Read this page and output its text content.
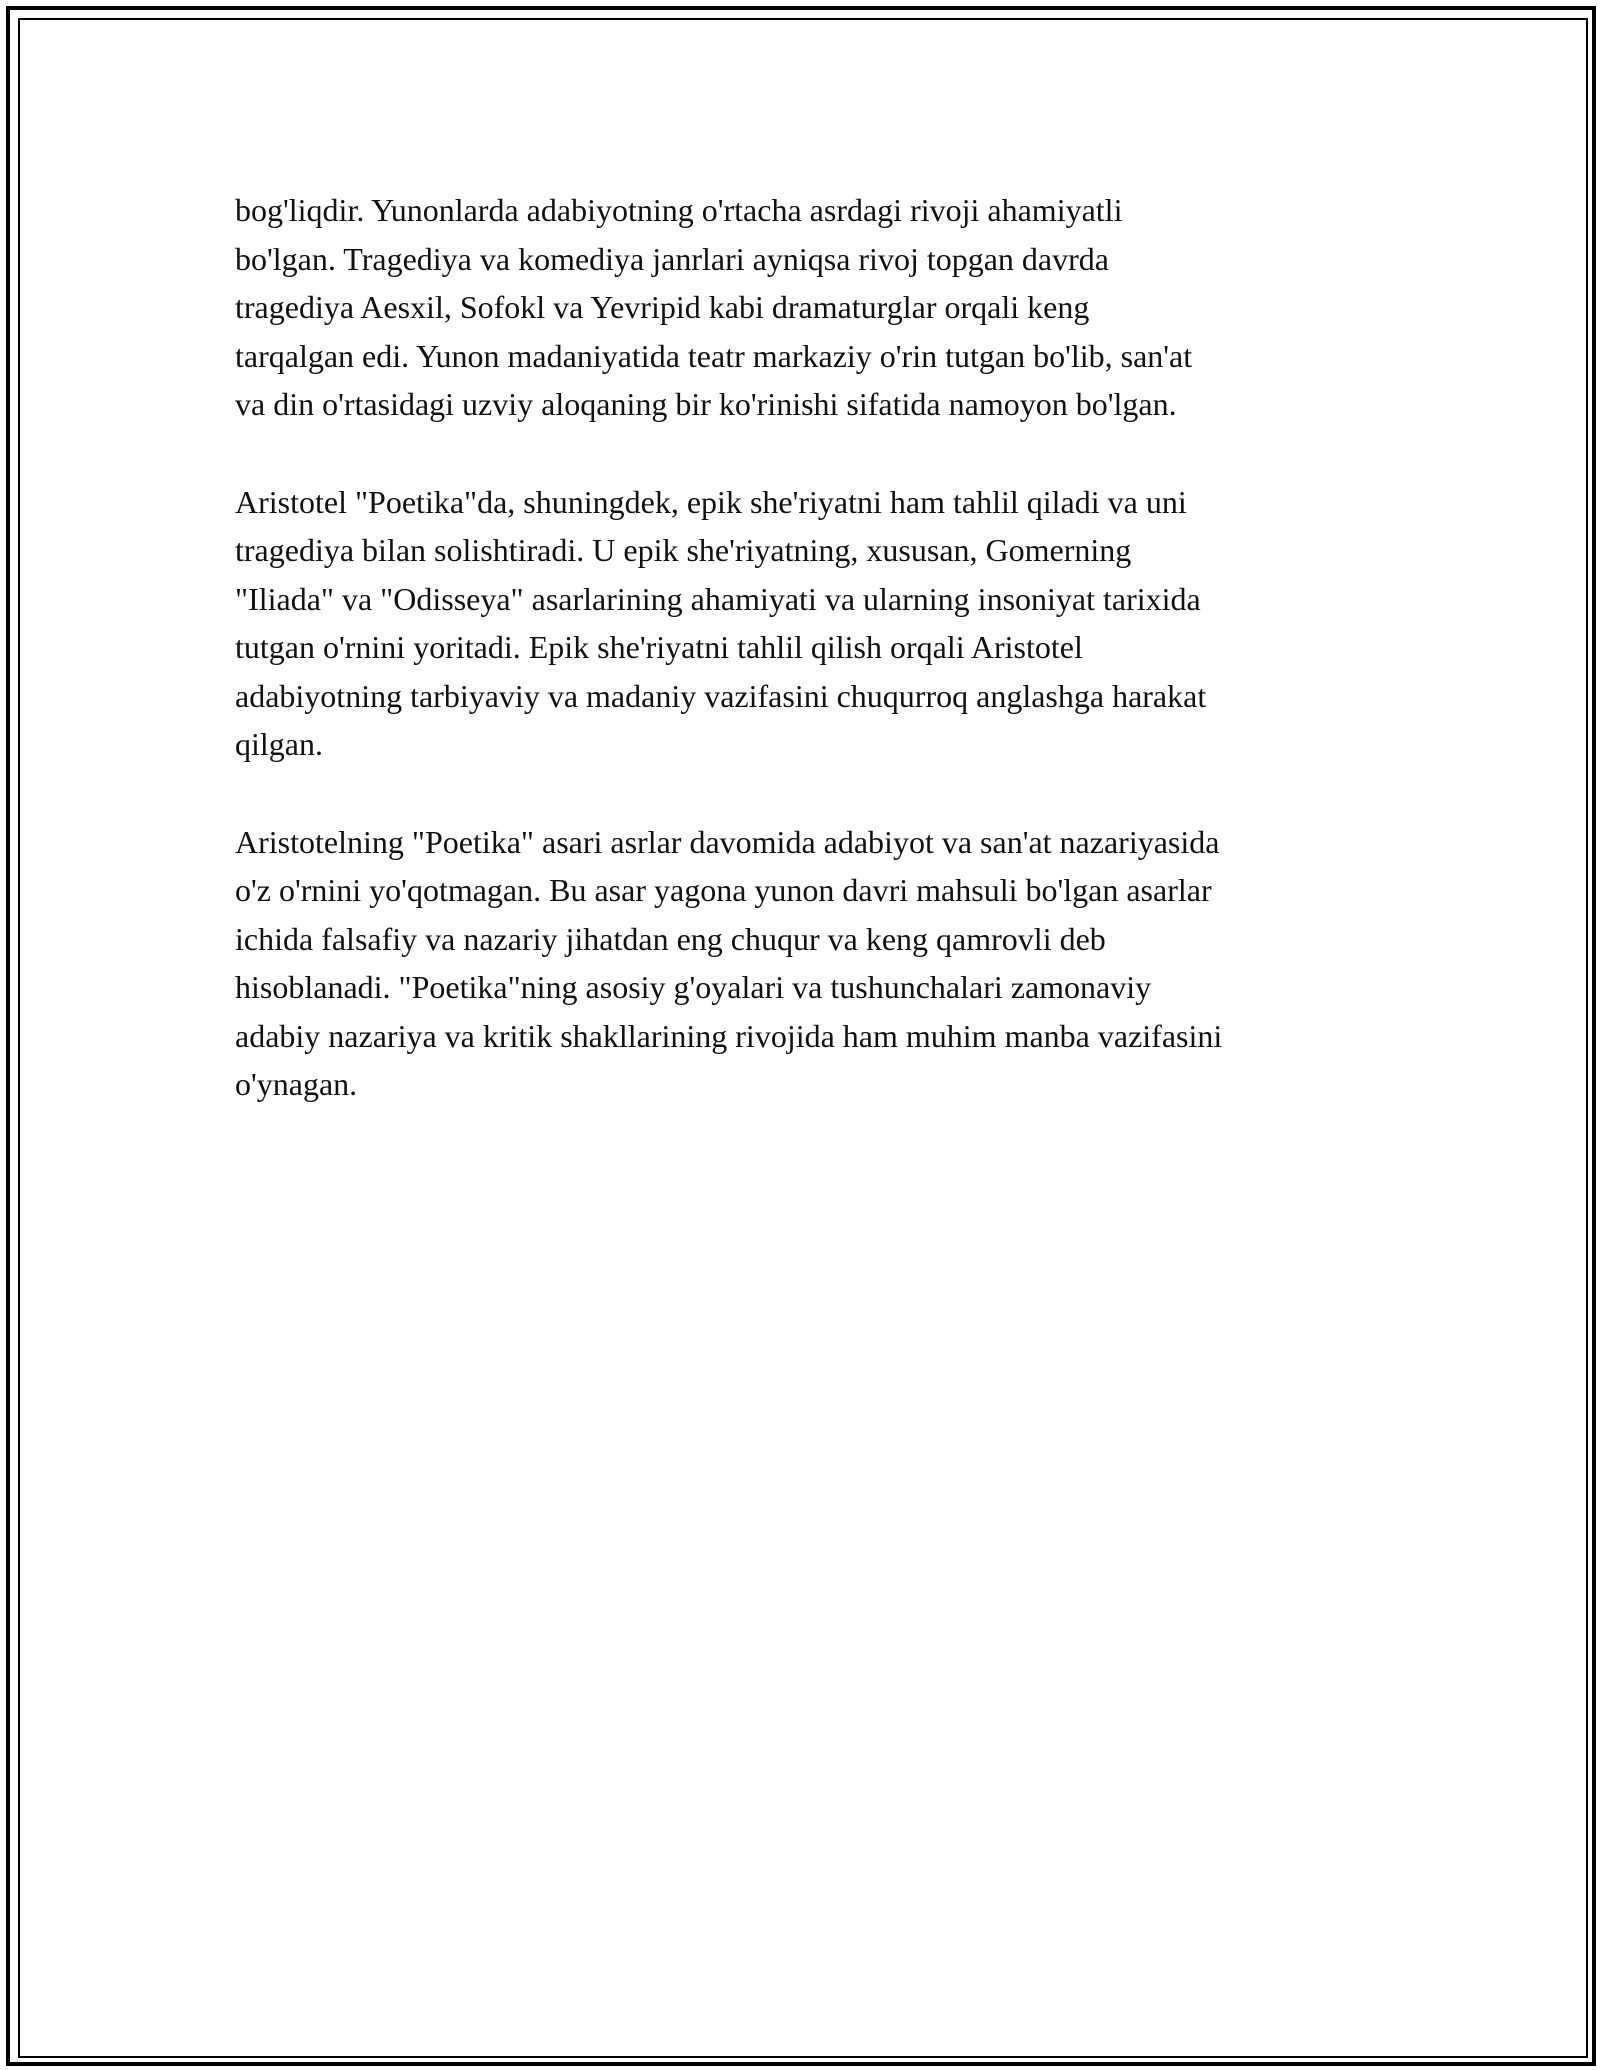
bog'liqdir. Yunonlarda adabiyotning o'rtacha asrdagi rivoji ahamiyatli
bo'lgan. Tragediya va komediya janrlari ayniqsa rivoj topgan davrda
tragediya Aesxil, Sofokl va Yevripid kabi dramaturglar orqali keng
tarqalgan edi. Yunon madaniyatida teatr markaziy o'rin tutgan bo'lib, san'at
va din o'rtasidagi uzviy aloqaning bir ko'rinishi sifatida namoyon bo'lgan.

Aristotel "Poetika"da, shuningdek, epik she'riyatni ham tahlil qiladi va uni
tragediya bilan solishtiradi. U epik she'riyatning, xususan, Gomerning
"Iliada" va "Odisseya" asarlarining ahamiyati va ularning insoniyat tarixida
tutgan o'rnini yoritadi. Epik she'riyatni tahlil qilish orqali Aristotel
adabiyotning tarbiyaviy va madaniy vazifasini chuqurroq anglashga harakat
qilgan.

Aristotelning "Poetika" asari asrlar davomida adabiyot va san'at nazariyasida
o'z o'rnini yo'qotmagan. Bu asar yagona yunon davri mahsuli bo'lgan asarlar
ichida falsafiy va nazariy jihatdan eng chuqur va keng qamrovli deb
hisoblanadi. "Poetika"ning asosiy g'oyalari va tushunchalari zamonaviy
adabiy nazariya va kritik shakllarining rivojida ham muhim manba vazifasini
o'ynagan.
